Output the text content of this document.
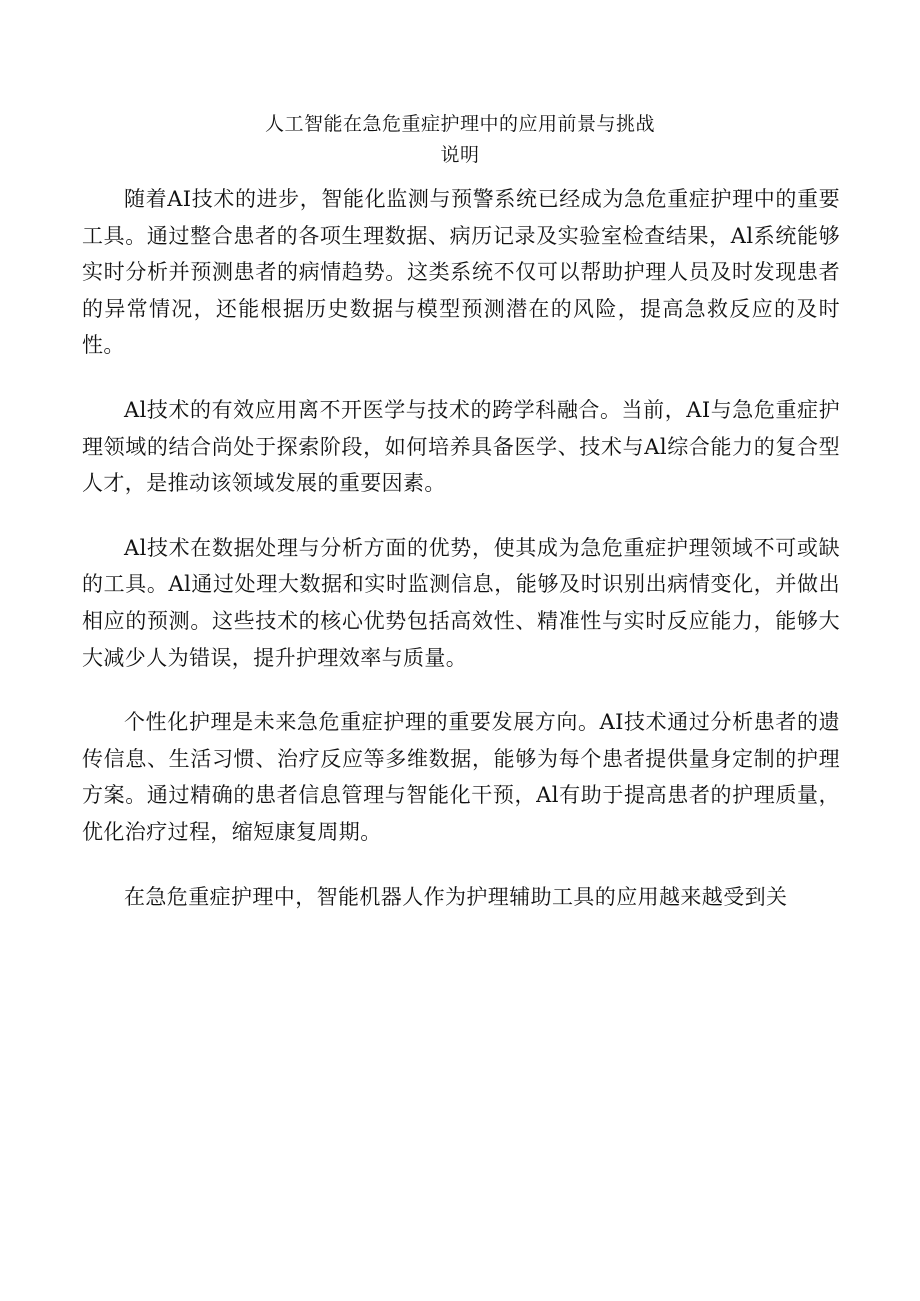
人工智能在急危重症护理中的应用前景与挑战
说明

随着AI技术的进步，智能化监测与预警系统已经成为急危重症护理中的重要工具。通过整合患者的各项生理数据、病历记录及实验室检查结果，Al系统能够实时分析并预测患者的病情趋势。这类系统不仅可以帮助护理人员及时发现患者的异常情况，还能根据历史数据与模型预测潜在的风险，提高急救反应的及时性。

Al技术的有效应用离不开医学与技术的跨学科融合。当前，AI与急危重症护理领域的结合尚处于探索阶段，如何培养具备医学、技术与Al综合能力的复合型人才，是推动该领域发展的重要因素。

Al技术在数据处理与分析方面的优势，使其成为急危重症护理领域不可或缺的工具。Al通过处理大数据和实时监测信息，能够及时识别出病情变化，并做出相应的预测。这些技术的核心优势包括高效性、精准性与实时反应能力，能够大大减少人为错误，提升护理效率与质量。

个性化护理是未来急危重症护理的重要发展方向。AI技术通过分析患者的遗传信息、生活习惯、治疗反应等多维数据，能够为每个患者提供量身定制的护理方案。通过精确的患者信息管理与智能化干预，Al有助于提高患者的护理质量，优化治疗过程，缩短康复周期。

在急危重症护理中，智能机器人作为护理辅助工具的应用越来越受到关
